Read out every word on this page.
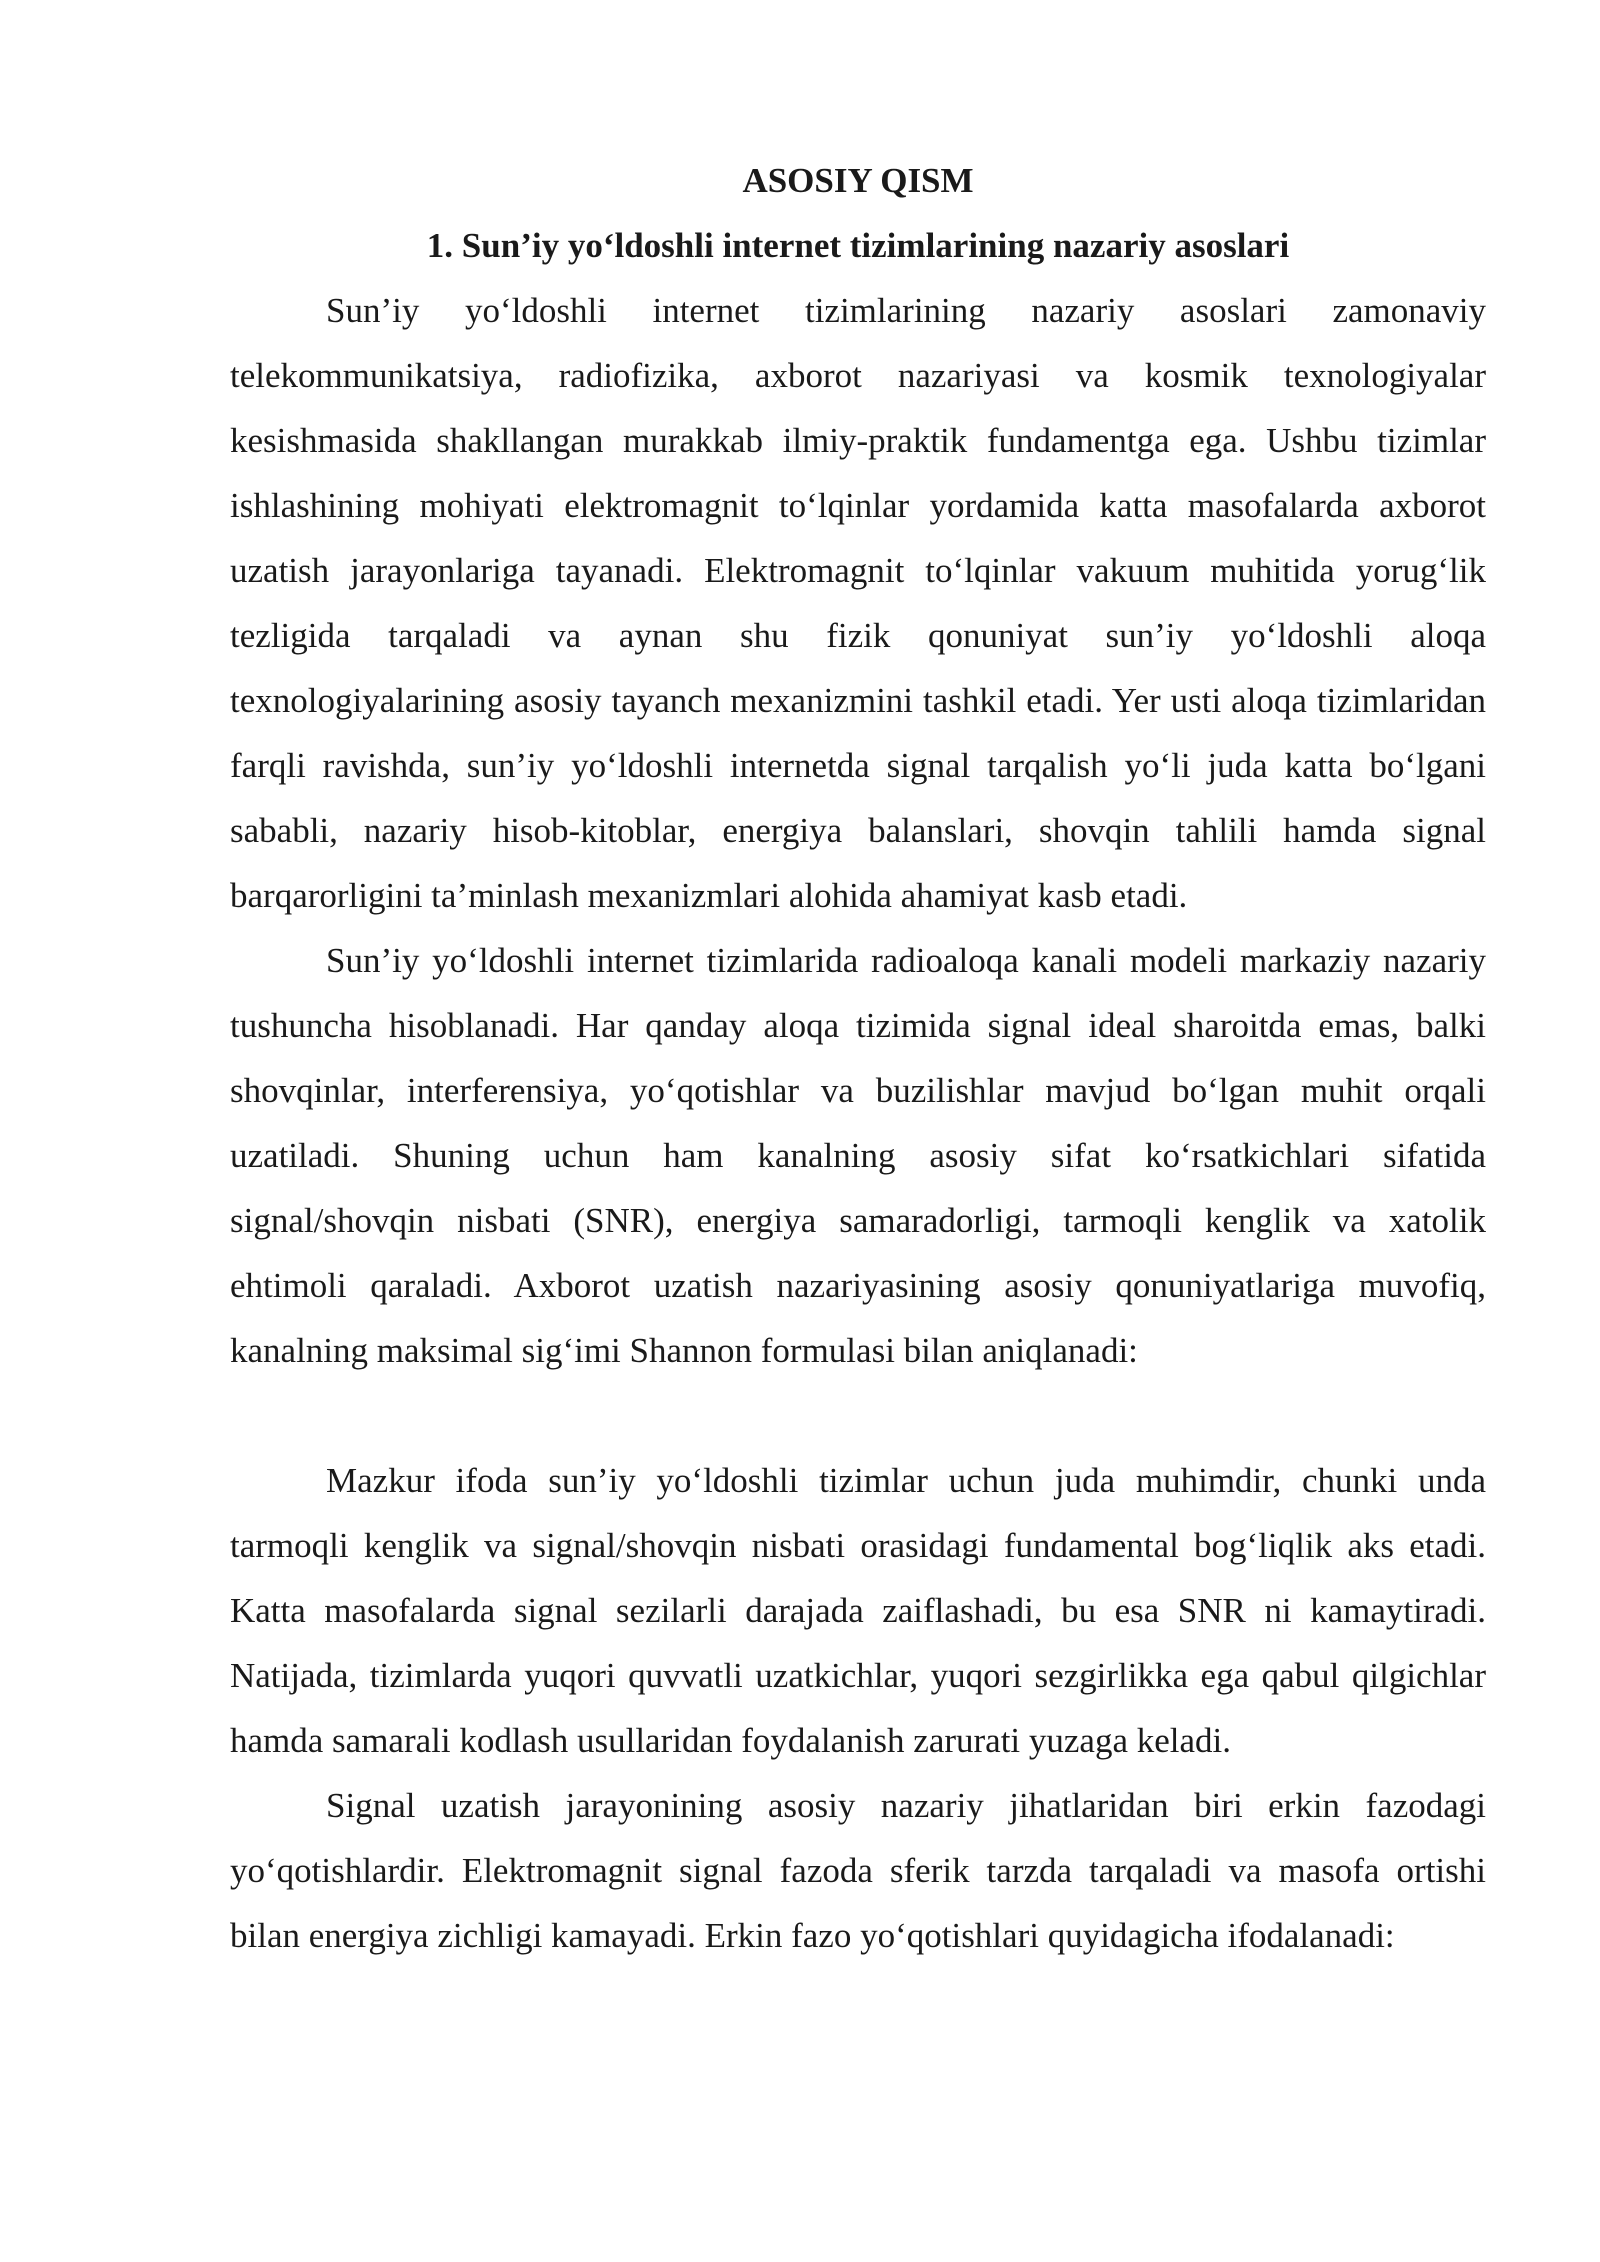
ASOSIY QISM
1. Sun’iy yo‘ldoshli internet tizimlarining nazariy asoslari

Sun’iy yo‘ldoshli internet tizimlarining nazariy asoslari zamonaviy telekommunikatsiya, radiofizika, axborot nazariyasi va kosmik texnologiyalar kesishmasida shakllangan murakkab ilmiy-praktik fundamentga ega. Ushbu tizimlar ishlashining mohiyati elektromagnit to‘lqinlar yordamida katta masofalarda axborot uzatish jarayonlariga tayanadi. Elektromagnit to‘lqinlar vakuum muhitida yorug‘lik tezligida tarqaladi va aynan shu fizik qonuniyat sun’iy yo‘ldoshli aloqa texnologiyalarining asosiy tayanch mexanizmini tashkil etadi. Yer usti aloqa tizimlaridan farqli ravishda, sun’iy yo‘ldoshli internetda signal tarqalish yo‘li juda katta bo‘lgani sababli, nazariy hisob-kitoblar, energiya balanslari, shovqin tahlili hamda signal barqarorligini ta’minlash mexanizmlari alohida ahamiyat kasb etadi.

Sun’iy yo‘ldoshli internet tizimlarida radioaloqa kanali modeli markaziy nazariy tushuncha hisoblanadi. Har qanday aloqa tizimida signal ideal sharoitda emas, balki shovqinlar, interferensiya, yo‘qotishlar va buzilishlar mavjud bo‘lgan muhit orqali uzatiladi. Shuning uchun ham kanalning asosiy sifat ko‘rsatkichlari sifatida signal/shovqin nisbati (SNR), energiya samaradorligi, tarmoqli kenglik va xatolik ehtimoli qaraladi. Axborot uzatish nazariyasining asosiy qonuniyatlariga muvofiq, kanalning maksimal sig‘imi Shannon formulasi bilan aniqlanadi:

Mazkur ifoda sun’iy yo‘ldoshli tizimlar uchun juda muhimdir, chunki unda tarmoqli kenglik va signal/shovqin nisbati orasidagi fundamental bog‘liqlik aks etadi. Katta masofalarda signal sezilarli darajada zaiflashadi, bu esa SNR ni kamaytiradi. Natijada, tizimlarda yuqori quvvatli uzatkichlar, yuqori sezgirlikka ega qabul qilgichlar hamda samarali kodlash usullaridan foydalanish zarurati yuzaga keladi.

Signal uzatish jarayonining asosiy nazariy jihatlaridan biri erkin fazodagi yo‘qotishlardir. Elektromagnit signal fazoda sferik tarzda tarqaladi va masofa ortishi bilan energiya zichligi kamayadi. Erkin fazo yo‘qotishlari quyidagicha ifodalanadi:
